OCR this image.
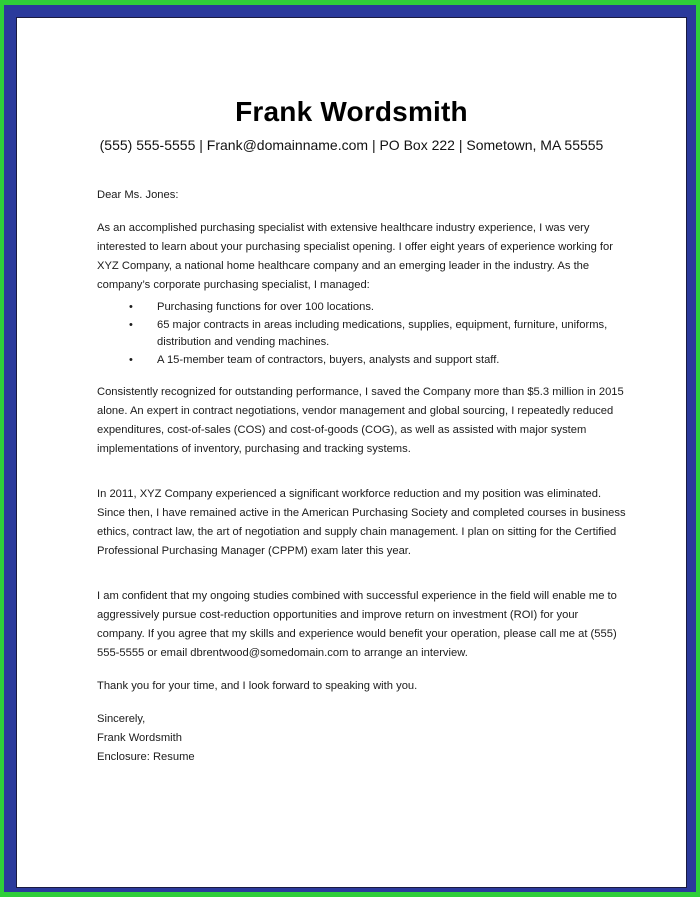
Frank Wordsmith
(555) 555-5555 | Frank@domainname.com | PO Box 222 | Sometown, MA 55555

Dear Ms. Jones:

As an accomplished purchasing specialist with extensive healthcare industry experience, I was very interested to learn about your purchasing specialist opening. I offer eight years of experience working for XYZ Company, a national home healthcare company and an emerging leader in the industry. As the company’s corporate purchasing specialist, I managed:

• Purchasing functions for over 100 locations.
• 65 major contracts in areas including medications, supplies, equipment, furniture, uniforms, distribution and vending machines.
• A 15-member team of contractors, buyers, analysts and support staff.

Consistently recognized for outstanding performance, I saved the Company more than $5.3 million in 2015 alone. An expert in contract negotiations, vendor management and global sourcing, I repeatedly reduced expenditures, cost-of-sales (COS) and cost-of-goods (COG), as well as assisted with major system implementations of inventory, purchasing and tracking systems.

In 2011, XYZ Company experienced a significant workforce reduction and my position was eliminated. Since then, I have remained active in the American Purchasing Society and completed courses in business ethics, contract law, the art of negotiation and supply chain management. I plan on sitting for the Certified Professional Purchasing Manager (CPPM) exam later this year.

I am confident that my ongoing studies combined with successful experience in the field will enable me to aggressively pursue cost-reduction opportunities and improve return on investment (ROI) for your company. If you agree that my skills and experience would benefit your operation, please call me at (555) 555-5555 or email dbrentwood@somedomain.com to arrange an interview.

Thank you for your time, and I look forward to speaking with you.

Sincerely,

Frank Wordsmith

Enclosure: Resume
